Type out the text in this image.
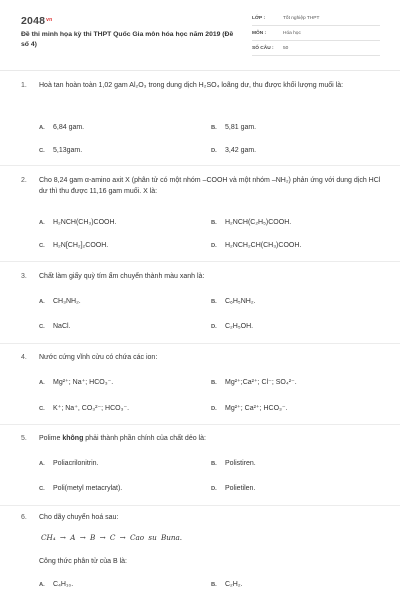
$2048^{vn}$
Đề thi minh họa kỳ thi THPT Quốc Gia môn hóa học năm 2019 (Đề số 4)
LỚP :	Tốt nghiệp THPT
MÔN :	Hóa học
SỐ CÂU : 50
1. Hoà tan hoàn toàn 1,02 gam Al₂O₃ trong dung dịch H₂SO₄ loãng dư, thu được khối lượng muối là:
A. 6,84 gam.	B. 5,81 gam.
C. 5,13gam.	D. 3,42 gam.
2. Cho 8,24 gam α-amino axit X (phân tử có một nhóm –COOH và một nhóm –NH₂) phản ứng với dung dịch HCl dư thì thu được 11,16 gam muối. X là:
A. H₂NCH(CH₃)COOH.	B. H₂NCH(C₂H₅)COOH.
C. H₂N[CH₂]₂COOH.	D. H₂NCH₂CH(CH₃)COOH.
3. Chất làm giấy quỳ tím ẩm chuyển thành màu xanh là:
A. CH₃NH₂.	B. C₆H₅NH₂.
C. NaCl.	D. C₂H₅OH.
4. Nước cứng vĩnh cửu có chứa các ion:
A. Mg²⁺; Na⁺; HCO₃⁻.	B. Mg²⁺;Ca²⁺; Cl⁻; SO₄²⁻.
C. K⁺; Na⁺, CO₃²⁻; HCO₃⁻.	D. Mg²⁺; Ca²⁺; HCO₃⁻.
5. Polime không phải thành phần chính của chất dẻo là:
A. Poliacrilonitrin.	B. Polistiren.
C. Poli(metyl metacrylat).	D. Polietilen.
6. Cho dãy chuyển hoá sau:
CH₄ → A → B → C → Cao su Buna.
Công thức phân tử của B là:
A. C₄H₁₀.	B. C₂H₂.
